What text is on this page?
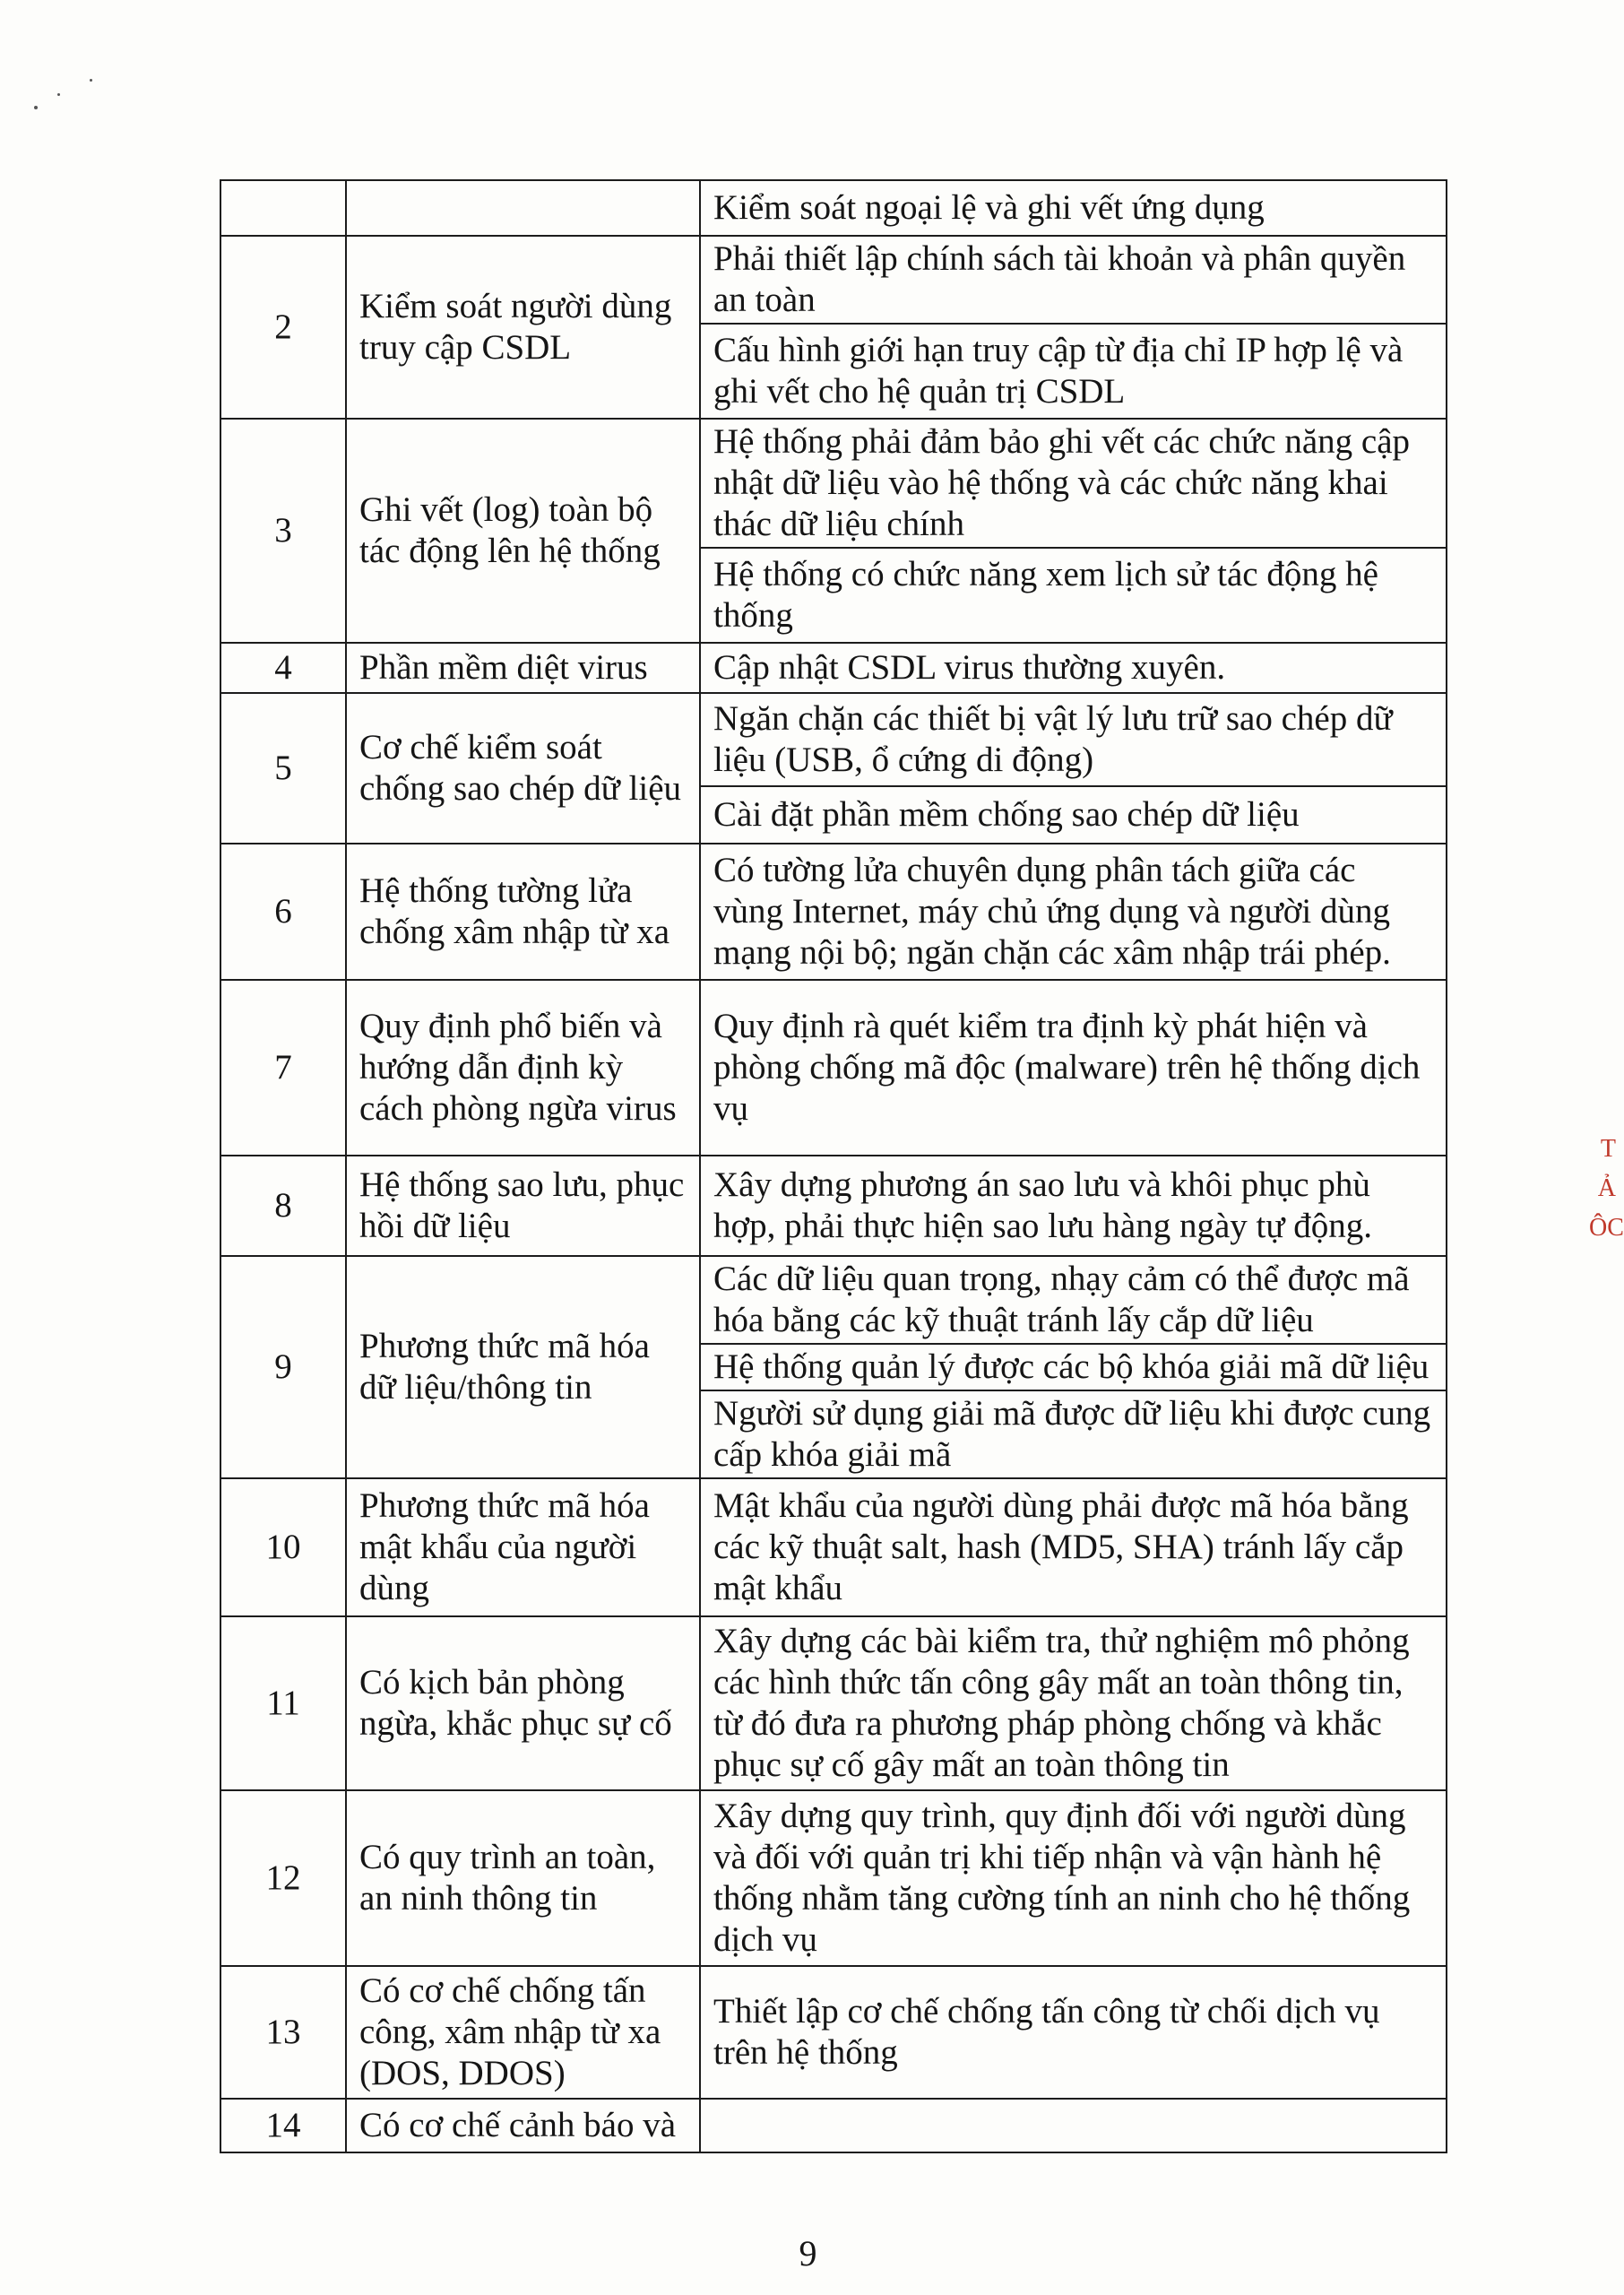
		Kiểm soát ngoại lệ và ghi vết ứng dụng
2	Kiểm soát người dùng truy cập CSDL	Phải thiết lập chính sách tài khoản và phân quyền an toàn
		Cấu hình giới hạn truy cập từ địa chỉ IP hợp lệ và ghi vết cho hệ quản trị CSDL
3	Ghi vết (log) toàn bộ tác động lên hệ thống	Hệ thống phải đảm bảo ghi vết các chức năng cập nhật dữ liệu vào hệ thống và các chức năng khai thác dữ liệu chính
		Hệ thống có chức năng xem lịch sử tác động hệ thống
4	Phần mềm diệt virus	Cập nhật CSDL virus thường xuyên.
5	Cơ chế kiểm soát chống sao chép dữ liệu	Ngăn chặn các thiết bị vật lý lưu trữ sao chép dữ liệu (USB, ổ cứng di động)
		Cài đặt phần mềm chống sao chép dữ liệu
6	Hệ thống tường lửa chống xâm nhập từ xa	Có tường lửa chuyên dụng phân tách giữa các vùng Internet, máy chủ ứng dụng và người dùng mạng nội bộ; ngăn chặn các xâm nhập trái phép.
7	Quy định phổ biến và hướng dẫn định kỳ cách phòng ngừa virus	Quy định rà quét kiểm tra định kỳ phát hiện và phòng chống mã độc (malware) trên hệ thống dịch vụ
8	Hệ thống sao lưu, phục hồi dữ liệu	Xây dựng phương án sao lưu và khôi phục phù hợp, phải thực hiện sao lưu hàng ngày tự động.
9	Phương thức mã hóa dữ liệu/thông tin	Các dữ liệu quan trọng, nhạy cảm có thể được mã hóa bằng các kỹ thuật tránh lấy cắp dữ liệu
		Hệ thống quản lý được các bộ khóa giải mã dữ liệu
		Người sử dụng giải mã được dữ liệu khi được cung cấp khóa giải mã
10	Phương thức mã hóa mật khẩu của người dùng	Mật khẩu của người dùng phải được mã hóa bằng các kỹ thuật salt, hash (MD5, SHA) tránh lấy cắp mật khẩu
11	Có kịch bản phòng ngừa, khắc phục sự cố	Xây dựng các bài kiểm tra, thử nghiệm mô phỏng các hình thức tấn công gây mất an toàn thông tin, từ đó đưa ra phương pháp phòng chống và khắc phục sự cố gây mất an toàn thông tin
12	Có quy trình an toàn, an ninh thông tin	Xây dựng quy trình, quy định đối với người dùng và đối với quản trị khi tiếp nhận và vận hành hệ thống nhằm tăng cường tính an ninh cho hệ thống dịch vụ
13	Có cơ chế chống tấn công, xâm nhập từ xa (DOS, DDOS)	Thiết lập cơ chế chống tấn công từ chối dịch vụ trên hệ thống
14	Có cơ chế cảnh báo và	
9
T Ả ÔC
